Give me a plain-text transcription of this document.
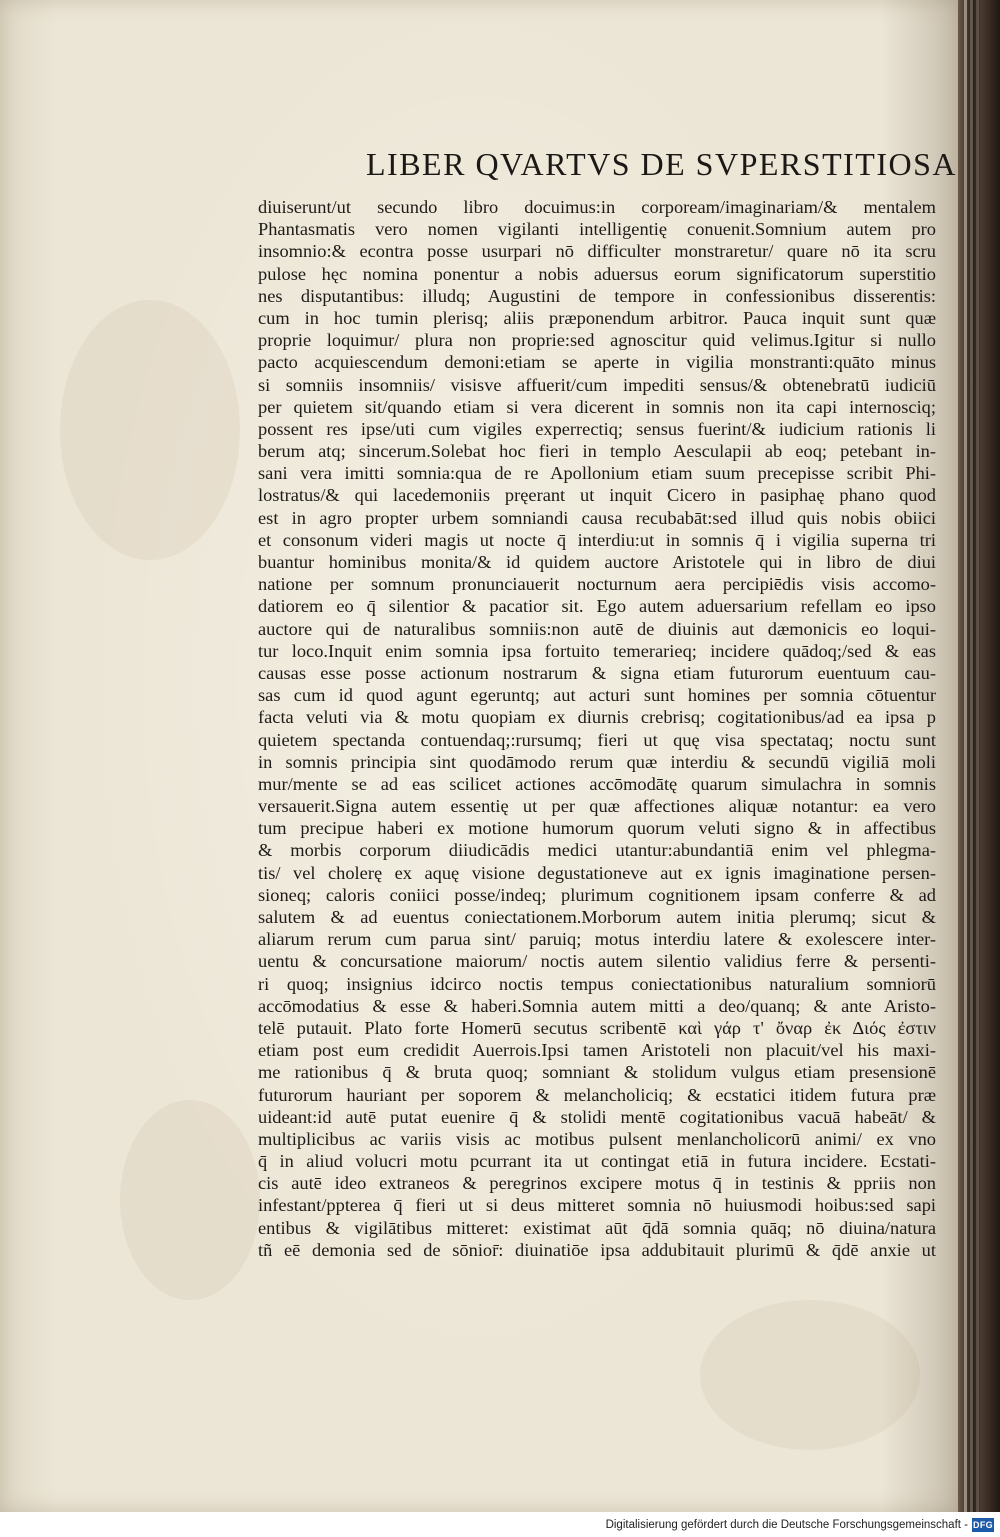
LIBER QVARTVS DE SVPERSTITIOSA
diuiserunt/ut secundo libro docuimus:in corpoream/imaginariam/& mentalem
Phantasmatis vero nomen vigilanti intelligentię conuenit.Somnium autem pro
insomnio:& econtra posse usurpari nō difficulter monstraretur/ quare nō ita scru
pulose hęc nomina ponentur a nobis aduersus eorum significatorum superstitio
nes disputantibus: illudq; Augustini de tempore in confessionibus disserentis:
cum in hoc tumin plerisq; aliis præponendum arbitror. Pauca inquit sunt quæ
proprie loquimur/ plura non proprie:sed agnoscitur quid velimus.Igitur si nullo
pacto acquiescendum demoni:etiam se aperte in vigilia monstranti:quāto minus
si somniis insomniis/ visisve affuerit/cum impediti sensus/& obtenebratū iudiciū
per quietem sit/quando etiam si vera dicerent in somnis non ita capi internosciq;
possent res ipse/uti cum vigiles experrectiq; sensus fuerint/& iudicium rationis li
berum atq; sincerum.Solebat hoc fieri in templo Aesculapii ab eoq; petebant in-
sani vera imitti somnia:qua de re Apollonium etiam suum precepisse scribit Phi-
lostratus/& qui lacedemoniis pręerant ut inquit Cicero in pasiphaę phano quod
est in agro propter urbem somniandi causa recubabāt:sed illud quis nobis obiici
et consonum videri magis ut nocte q̄ interdiu:ut in somnis q̄ i vigilia superna tri
buantur hominibus monita/& id quidem auctore Aristotele qui in libro de diui
natione per somnum pronunciauerit nocturnum aera percipiēdis visis accomo-
datiorem eo q̄ silentior & pacatior sit. Ego autem aduersarium refellam eo ipso
auctore qui de naturalibus somniis:non autē de diuinis aut dæmonicis eo loqui-
tur loco.Inquit enim somnia ipsa fortuito temerarieq; incidere quādoq;/sed & eas
causas esse posse actionum nostrarum & signa etiam futurorum euentuum cau-
sas cum id quod agunt egeruntq; aut acturi sunt homines per somnia cōtuentur
facta veluti via & motu quopiam ex diurnis crebrisq; cogitationibus/ad ea ipsa p
quietem spectanda contuendaq;:rursumq; fieri ut quę visa spectataq; noctu sunt
in somnis principia sint quodāmodo rerum quæ interdiu & secundū vigiliā moli
mur/mente se ad eas scilicet actiones accōmodātę quarum simulachra in somnis
versauerit.Signa autem essentię ut per quæ affectiones aliquæ notantur: ea vero
tum precipue haberi ex motione humorum quorum veluti signo & in affectibus
& morbis corporum diiudicādis medici utantur:abundantiā enim vel phlegma-
tis/ vel cholerę ex aquę visione degustationeve aut ex ignis imaginatione persen-
sioneq; caloris coniici posse/indeq; plurimum cognitionem ipsam conferre & ad
salutem & ad euentus coniectationem.Morborum autem initia plerumq; sicut &
aliarum rerum cum parua sint/ paruiq; motus interdiu latere & exolescere inter-
uentu & concursatione maiorum/ noctis autem silentio validius ferre & persenti-
ri quoq; insignius idcirco noctis tempus coniectationibus naturalium somniorū
accōmodatius & esse & haberi.Somnia autem mitti a deo/quanq; & ante Aristo-
telē putauit. Plato forte Homerū secutus scribentē καὶ γάρ τ' ὄναρ ἐκ Διός ἐστιν
etiam post eum credidit Auerrois.Ipsi tamen Aristoteli non placuit/vel his maxi-
me rationibus q̄ & bruta quoq; somniant & stolidum vulgus etiam presensionē
futurorum hauriant per soporem & melancholiciq; & ecstatici itidem futura præ
uideant:id autē putat euenire q̄ & stolidi mentē cogitationibus vacuā habeāt/ &
multiplicibus ac variis visis ac motibus pulsent menlancholicorū animi/ ex vno
q̄ in aliud volucri motu pcurrant ita ut contingat etiā in futura incidere. Ecstati-
cis autē ideo extraneos & peregrinos excipere motus q̄ in testinis & ppriis non
infestant/ppterea q̄ fieri ut si deus mitteret somnia nō huiusmodi hoibus:sed sapi
entibus & vigilātibus mitteret: existimat aūt q̄dā somnia quāq; nō diuina/natura
tñ eē demonia sed de sōnior̄: diuinatiōe ipsa addubitauit plurimū & q̄dē anxie ut
Digitalisierung gefördert durch die Deutsche Forschungsgemeinschaft - DFG
